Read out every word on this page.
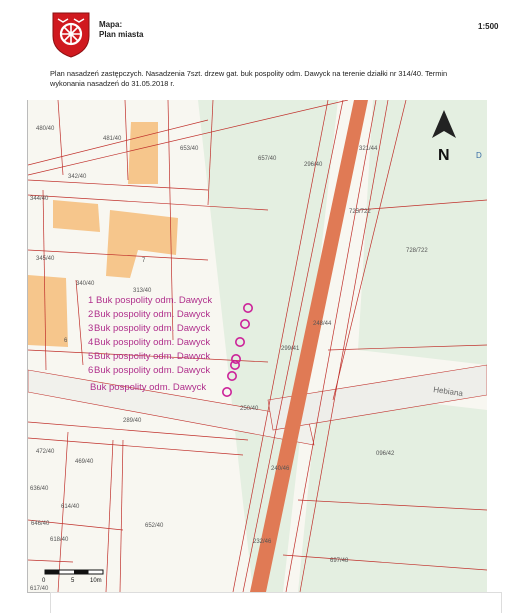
Mapa:
Plan miasta
1:500
Plan nasadzeń zastępczych. Nasadzenia 7szt. drzew gat. buk pospolity odm. Dawyck na terenie działki nr 314/40. Termin wykonania nasadzeń do 31.05.2018 r.
480/40
481/40
653/40
657/40
296/40
321/44
342/40
344/40
725/722
728/722
345/40
340/40
313/40
248/44
299/41
289/40
250/40
472/40
469/40
636/40
614/40
646/40
618/40
652/40
096/42
240/46
232/46
697/48
617/40
7
6
Hebiana
N	D
1 Buk pospolity odm. Dawyck
2 Buk pospolity odm. Dawyck
3 Buk pospolity odm. Dawyck
4 Buk pospolity odm. Dawyck
5 Buk pospolity odm. Dawyck
6 Buk pospolity odm. Dawyck
Buk pospolity odm. Dawyck
0	5	10m
